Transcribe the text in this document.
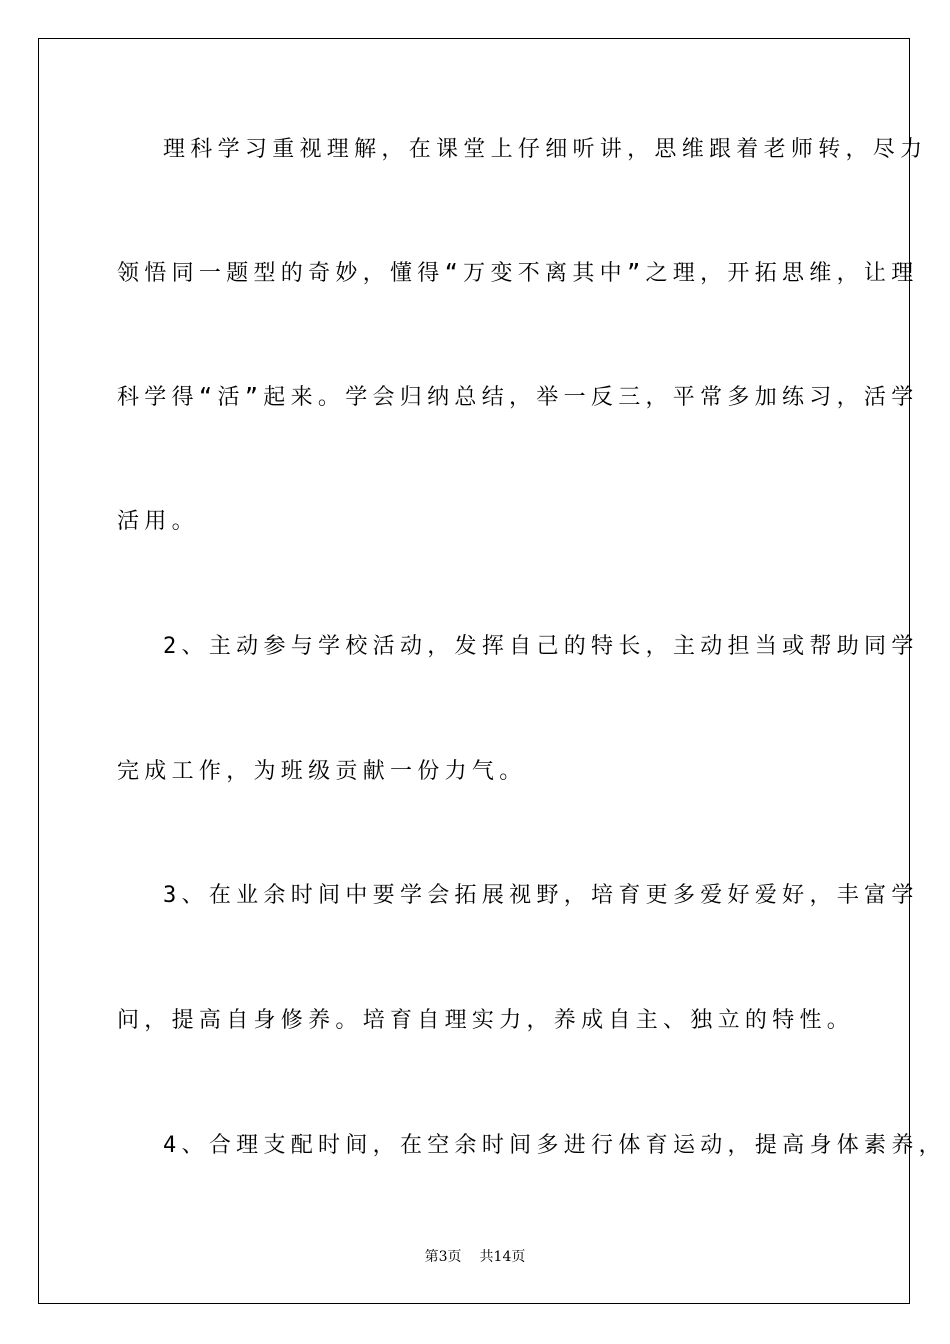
理科学习重视理解，在课堂上仔细听讲，思维跟着老师转，尽力
领悟同一题型的奇妙，懂得“万变不离其中”之理，开拓思维，让理
科学得“活”起来。学会归纳总结，举一反三，平常多加练习，活学
活用。
2、主动参与学校活动，发挥自己的特长，主动担当或帮助同学
完成工作，为班级贡献一份力气。
3、在业余时间中要学会拓展视野，培育更多爱好爱好，丰富学
问，提高自身修养。培育自理实力，养成自主、独立的特性。
4、合理支配时间，在空余时间多进行体育运动，提高身体素养，
第3页 共14页
